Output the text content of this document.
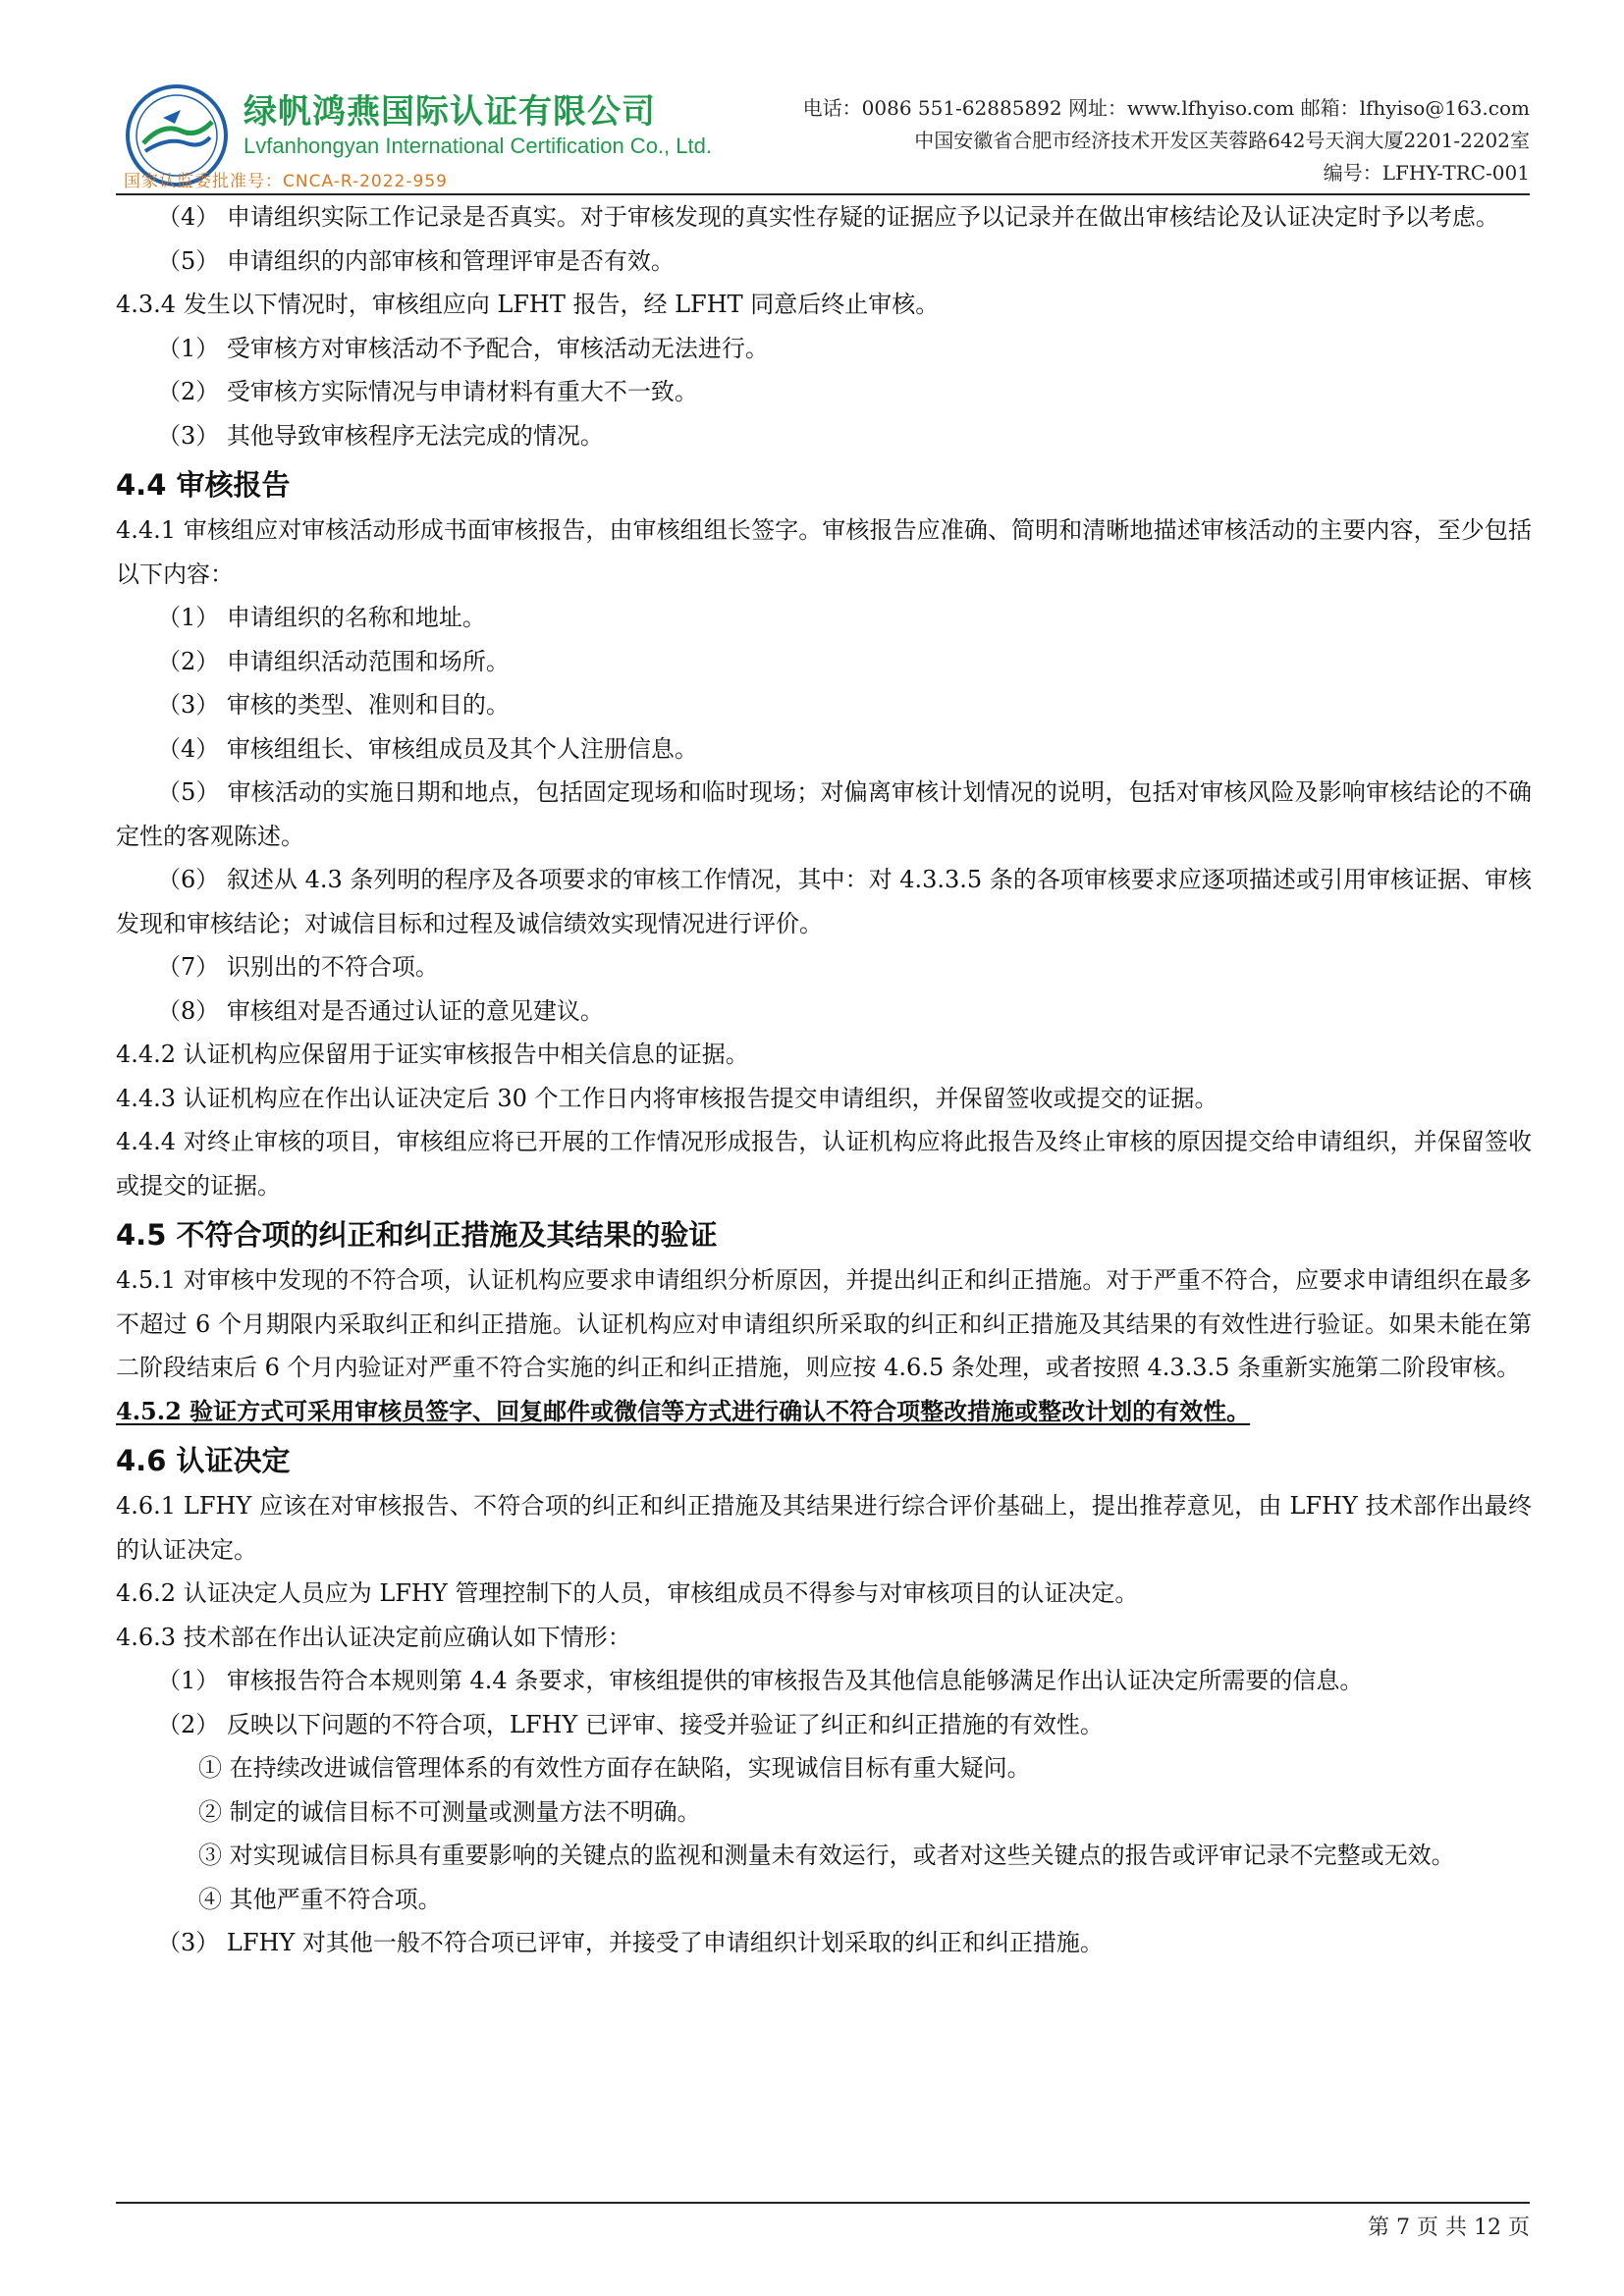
绿帆鸿燕国际认证有限公司
Lvfanhongyan International Certification Co., Ltd.
国家认监委批准号：CNCA-R-2022-959
电话：0086 551-62885892 网址：www.lfhyiso.com 邮箱：lfhyiso@163.com
中国安徽省合肥市经济技术开发区芙蓉路642号天润大厦2201-2202室
编号：LFHY-TRC-001

（4） 申请组织实际工作记录是否真实。对于审核发现的真实性存疑的证据应予以记录并在做出审核结论及认证决定时予以考虑。

（5） 申请组织的内部审核和管理评审是否有效。

4.3.4 发生以下情况时，审核组应向 LFHT 报告，经 LFHT 同意后终止审核。

（1） 受审核方对审核活动不予配合，审核活动无法进行。

（2） 受审核方实际情况与申请材料有重大不一致。

（3） 其他导致审核程序无法完成的情况。

4.4 审核报告

4.4.1 审核组应对审核活动形成书面审核报告，由审核组组长签字。审核报告应准确、简明和清晰地描述审核活动的主要内容，至少包括以下内容：

（1） 申请组织的名称和地址。

（2） 申请组织活动范围和场所。

（3） 审核的类型、准则和目的。

（4） 审核组组长、审核组成员及其个人注册信息。

（5） 审核活动的实施日期和地点，包括固定现场和临时现场；对偏离审核计划情况的说明，包括对审核风险及影响审核结论的不确定性的客观陈述。

（6） 叙述从 4.3 条列明的程序及各项要求的审核工作情况，其中：对 4.3.3.5 条的各项审核要求应逐项描述或引用审核证据、审核发现和审核结论；对诚信目标和过程及诚信绩效实现情况进行评价。

（7） 识别出的不符合项。

（8） 审核组对是否通过认证的意见建议。

4.4.2 认证机构应保留用于证实审核报告中相关信息的证据。

4.4.3 认证机构应在作出认证决定后 30 个工作日内将审核报告提交申请组织，并保留签收或提交的证据。

4.4.4 对终止审核的项目，审核组应将已开展的工作情况形成报告，认证机构应将此报告及终止审核的原因提交给申请组织，并保留签收或提交的证据。

4.5 不符合项的纠正和纠正措施及其结果的验证

4.5.1 对审核中发现的不符合项，认证机构应要求申请组织分析原因，并提出纠正和纠正措施。对于严重不符合，应要求申请组织在最多不超过 6 个月期限内采取纠正和纠正措施。认证机构应对申请组织所采取的纠正和纠正措施及其结果的有效性进行验证。如果未能在第二阶段结束后 6 个月内验证对严重不符合实施的纠正和纠正措施，则应按 4.6.5 条处理，或者按照 4.3.3.5 条重新实施第二阶段审核。

4.5.2 验证方式可采用审核员签字、回复邮件或微信等方式进行确认不符合项整改措施或整改计划的有效性。

4.6 认证决定

4.6.1 LFHY 应该在对审核报告、不符合项的纠正和纠正措施及其结果进行综合评价基础上，提出推荐意见，由 LFHY 技术部作出最终的认证决定。

4.6.2 认证决定人员应为 LFHY 管理控制下的人员，审核组成员不得参与对审核项目的认证决定。

4.6.3 技术部在作出认证决定前应确认如下情形：

（1） 审核报告符合本规则第 4.4 条要求，审核组提供的审核报告及其他信息能够满足作出认证决定所需要的信息。

（2） 反映以下问题的不符合项，LFHY 已评审、接受并验证了纠正和纠正措施的有效性。

① 在持续改进诚信管理体系的有效性方面存在缺陷，实现诚信目标有重大疑问。

② 制定的诚信目标不可测量或测量方法不明确。

③ 对实现诚信目标具有重要影响的关键点的监视和测量未有效运行，或者对这些关键点的报告或评审记录不完整或无效。

④ 其他严重不符合项。

（3） LFHY 对其他一般不符合项已评审，并接受了申请组织计划采取的纠正和纠正措施。

第 7 页 共 12 页
